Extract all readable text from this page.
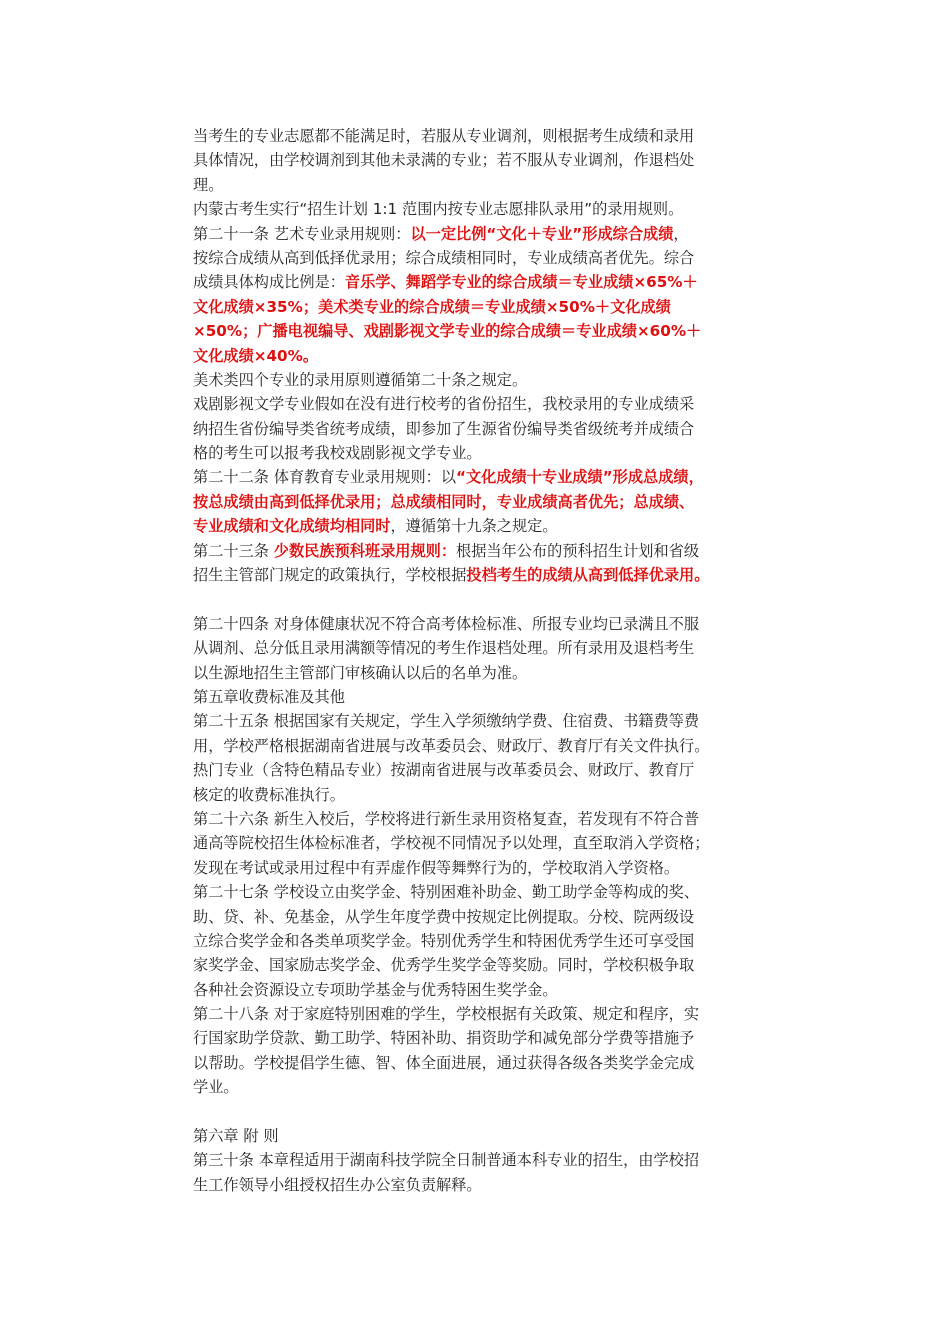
当考生的专业志愿都不能满足时，若服从专业调剂，则根据考生成绩和录用
具体情况，由学校调剂到其他未录满的专业；若不服从专业调剂，作退档处
理。
内蒙古考生实行“招生计划 1:1 范围内按专业志愿排队录用”的录用规则。
第二十一条 艺术专业录用规则：以一定比例“文化＋专业”形成综合成绩，
按综合成绩从高到低择优录用；综合成绩相同时，专业成绩高者优先。综合
成绩具体构成比例是：音乐学、舞蹈学专业的综合成绩＝专业成绩×65%＋
文化成绩×35%；美术类专业的综合成绩＝专业成绩×50%＋文化成绩
×50%；广播电视编导、戏剧影视文学专业的综合成绩＝专业成绩×60%＋
文化成绩×40%。
美术类四个专业的录用原则遵循第二十条之规定。
戏剧影视文学专业假如在没有进行校考的省份招生，我校录用的专业成绩采
纳招生省份编导类省统考成绩，即参加了生源省份编导类省级统考并成绩合
格的考生可以报考我校戏剧影视文学专业。
第二十二条 体育教育专业录用规则：以“文化成绩十专业成绩”形成总成绩，
按总成绩由高到低择优录用；总成绩相同时，专业成绩高者优先；总成绩、
专业成绩和文化成绩均相同时，遵循第十九条之规定。
第二十三条 少数民族预科班录用规则：根据当年公布的预科招生计划和省级
招生主管部门规定的政策执行，学校根据投档考生的成绩从高到低择优录用。
第二十四条 对身体健康状况不符合高考体检标准、所报专业均已录满且不服
从调剂、总分低且录用满额等情况的考生作退档处理。所有录用及退档考生
以生源地招生主管部门审核确认以后的名单为准。
第五章收费标准及其他
第二十五条 根据国家有关规定，学生入学须缴纳学费、住宿费、书籍费等费
用，学校严格根据湖南省进展与改革委员会、财政厅、教育厅有关文件执行。
热门专业（含特色精品专业）按湖南省进展与改革委员会、财政厅、教育厅
核定的收费标准执行。
第二十六条 新生入校后，学校将进行新生录用资格复查，若发现有不符合普
通高等院校招生体检标准者，学校视不同情况予以处理，直至取消入学资格；
发现在考试或录用过程中有弄虚作假等舞弊行为的，学校取消入学资格。
第二十七条 学校设立由奖学金、特别困难补助金、勤工助学金等构成的奖、
助、贷、补、免基金，从学生年度学费中按规定比例提取。分校、院两级设
立综合奖学金和各类单项奖学金。特别优秀学生和特困优秀学生还可享受国
家奖学金、国家励志奖学金、优秀学生奖学金等奖励。同时，学校积极争取
各种社会资源设立专项助学基金与优秀特困生奖学金。
第二十八条 对于家庭特别困难的学生，学校根据有关政策、规定和程序，实
行国家助学贷款、勤工助学、特困补助、捐资助学和减免部分学费等措施予
以帮助。学校提倡学生德、智、体全面进展，通过获得各级各类奖学金完成
学业。
第六章 附 则
第三十条 本章程适用于湖南科技学院全日制普通本科专业的招生，由学校招
生工作领导小组授权招生办公室负责解释。
